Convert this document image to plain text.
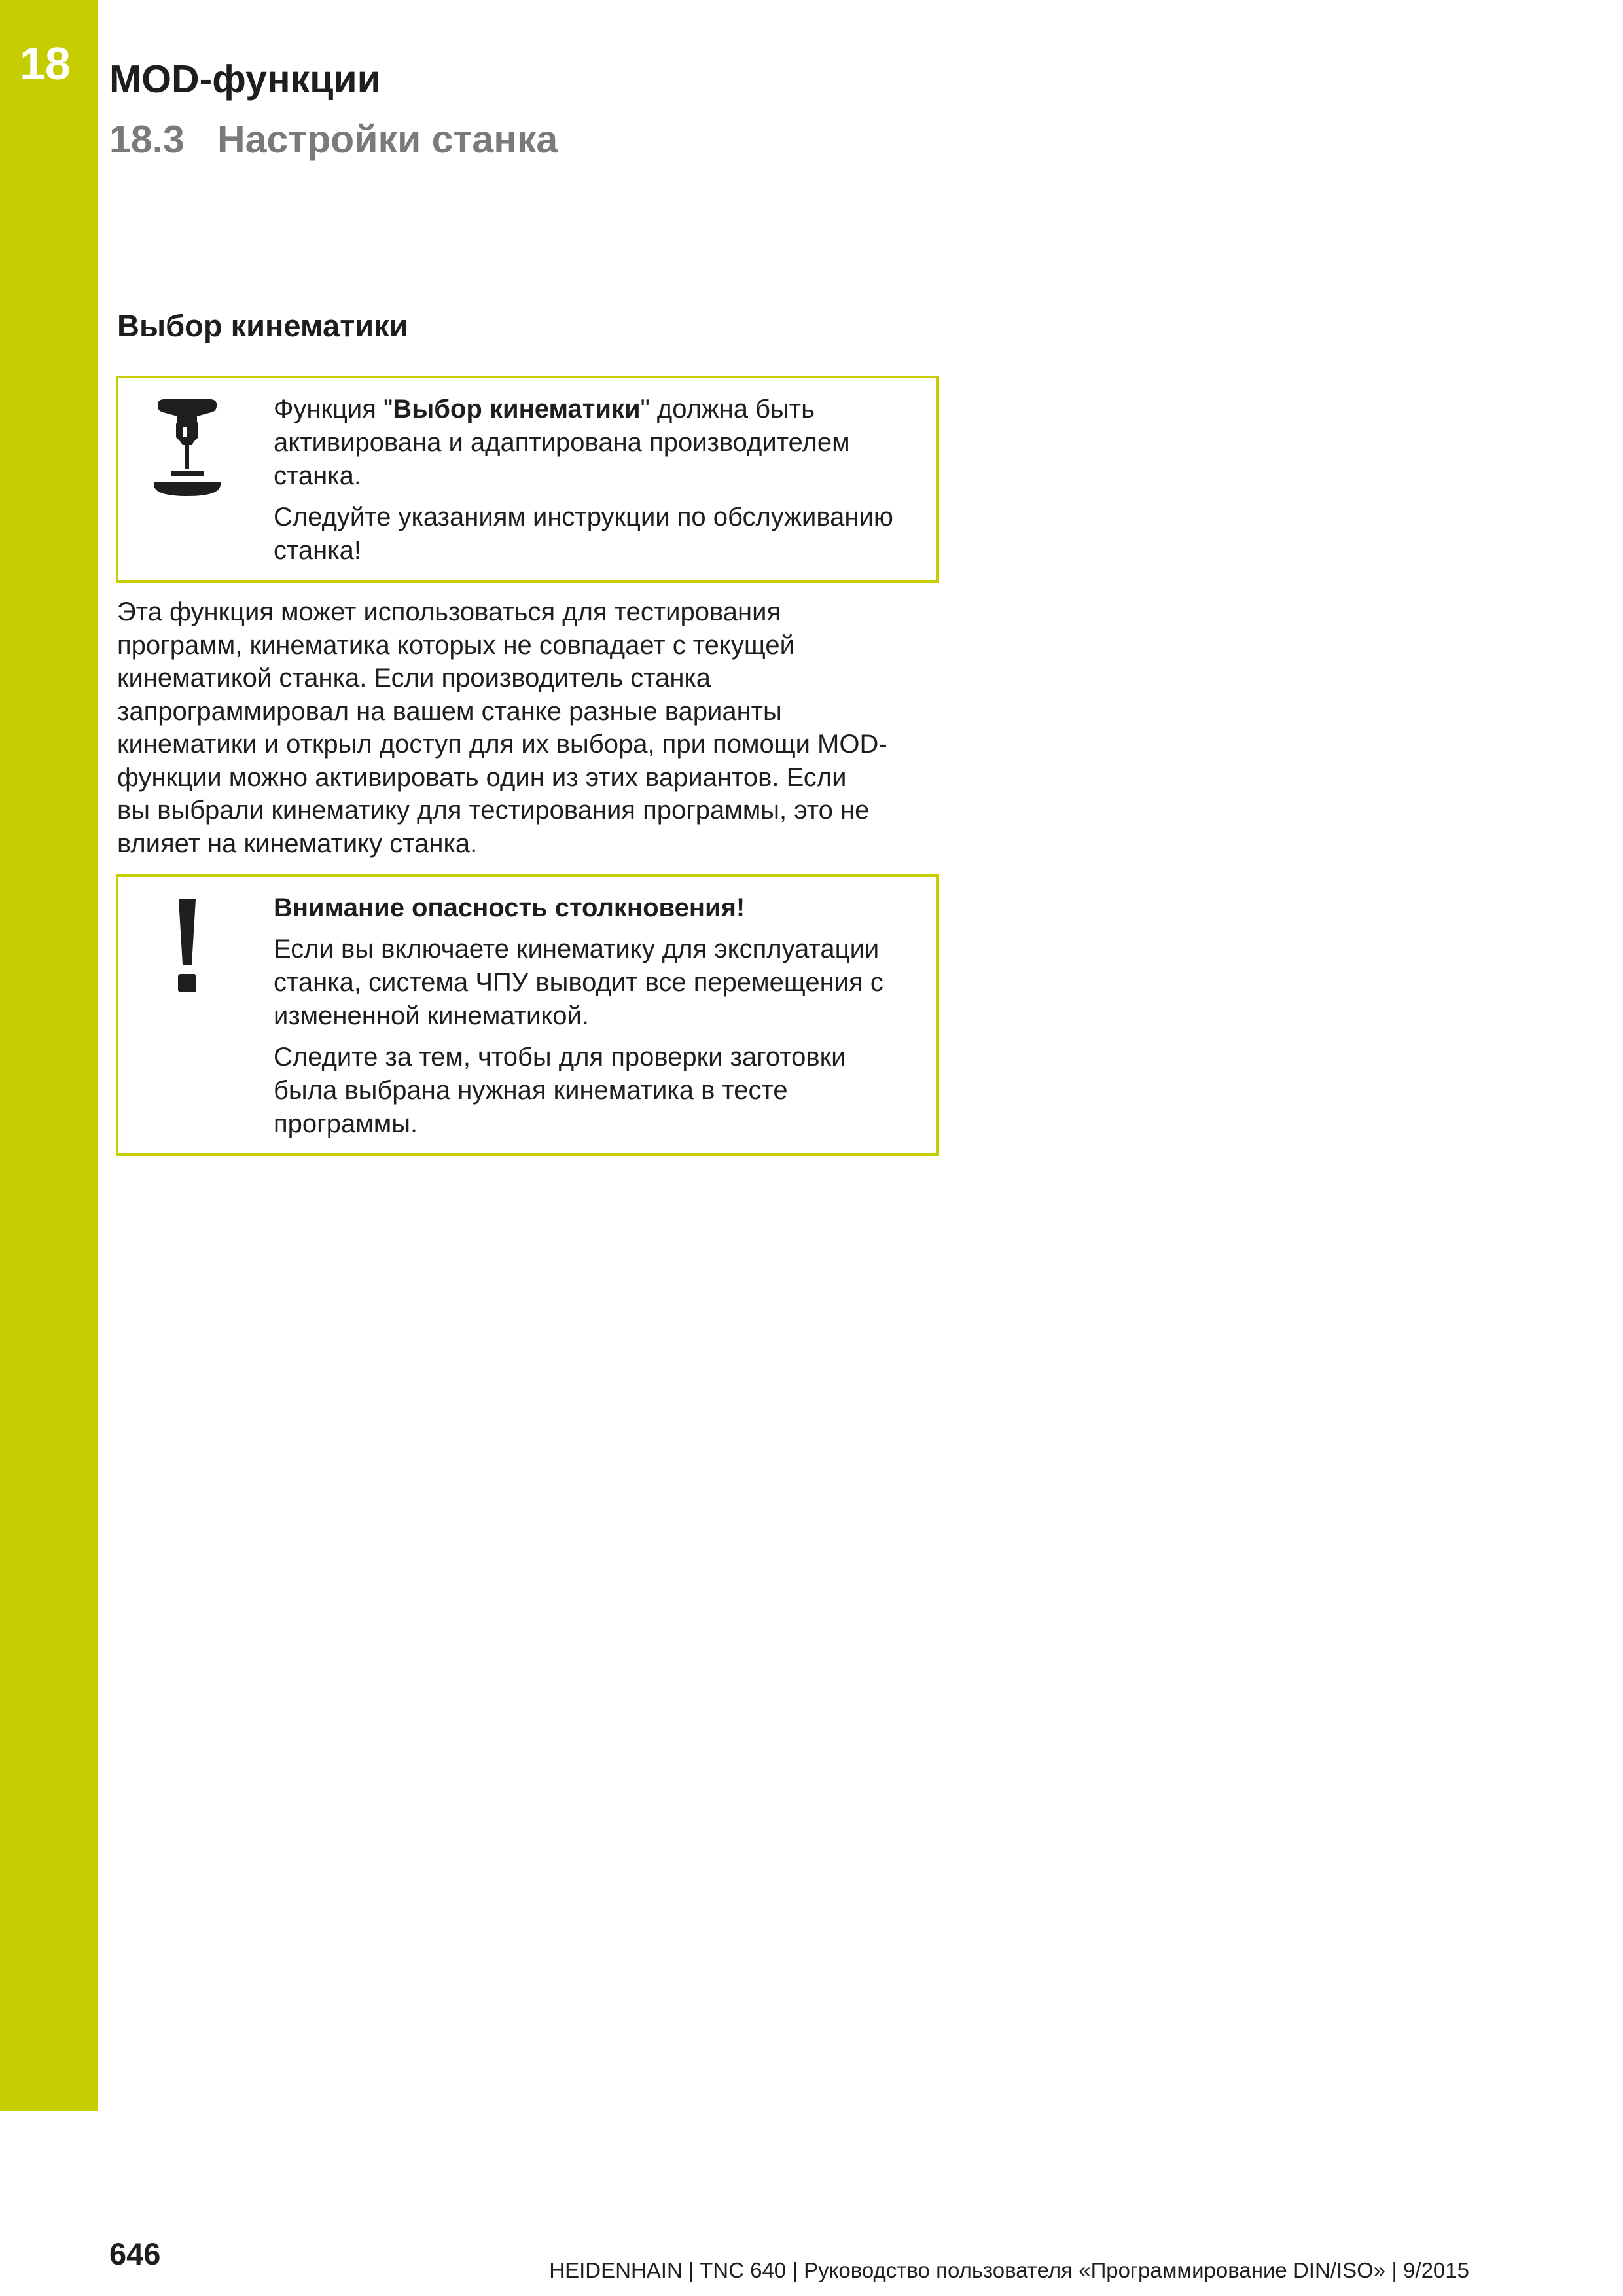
18 MOD-функции
18.3 Настройки станка
Выбор кинематики

Функция "Выбор кинематики" должна быть
активирована и адаптирована производителем
станка.

Следуйте указаниям инструкции по обслуживанию
станка!

Эта функция может использоваться для тестирования
программ, кинематика которых не совпадает с текущей
кинематикой станка. Если производитель станка
запрограммировал на вашем станке разные варианты
кинематики и открыл доступ для их выбора, при помощи MOD-
функции можно активировать один из этих вариантов. Если
вы выбрали кинематику для тестирования программы, это не
влияет на кинематику станка.

Внимание опасность столкновения!

Если вы включаете кинематику для эксплуатации
станка, система ЧПУ выводит все перемещения с
измененной кинематикой.

Следите за тем, чтобы для проверки заготовки
была выбрана нужная кинематика в тесте
программы.

646	HEIDENHAIN | TNC 640 | Руководство пользователя «Программирование DIN/ISO» | 9/2015
